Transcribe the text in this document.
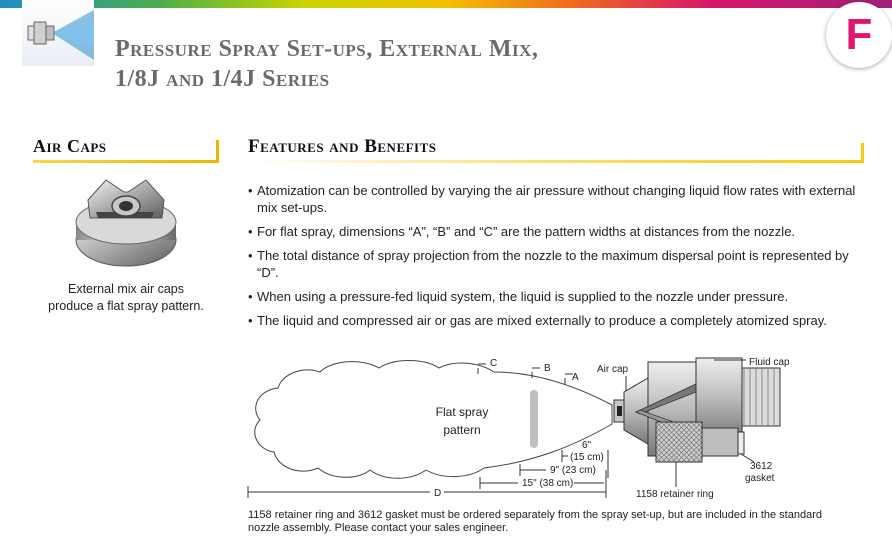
F
Pressure Spray Set-ups, External Mix,
1/8J and 1/4J Series
Air Caps	Features and Benefits
External mix air caps
produce a flat spray pattern.
• Atomization can be controlled by varying the air pressure without changing liquid flow rates with external mix set-ups.
• For flat spray, dimensions “A”, “B” and “C” are the pattern widths at distances from the nozzle.
• The total distance of spray projection from the nozzle to the maximum dispersal point is represented by “D”.
• When using a pressure-fed liquid system, the liquid is supplied to the nozzle under pressure.
• The liquid and compressed air or gas are mixed externally to produce a completely atomized spray.
Flat spray
pattern
C	B
A
Air cap
Fluid cap
3612
gasket
1158 retainer ring
6"
(15 cm)
9" (23 cm)
15" (38 cm)
D
1158 retainer ring and 3612 gasket must be ordered separately from the spray set-up, but are included in the standard nozzle assembly. Please contact your sales engineer.
